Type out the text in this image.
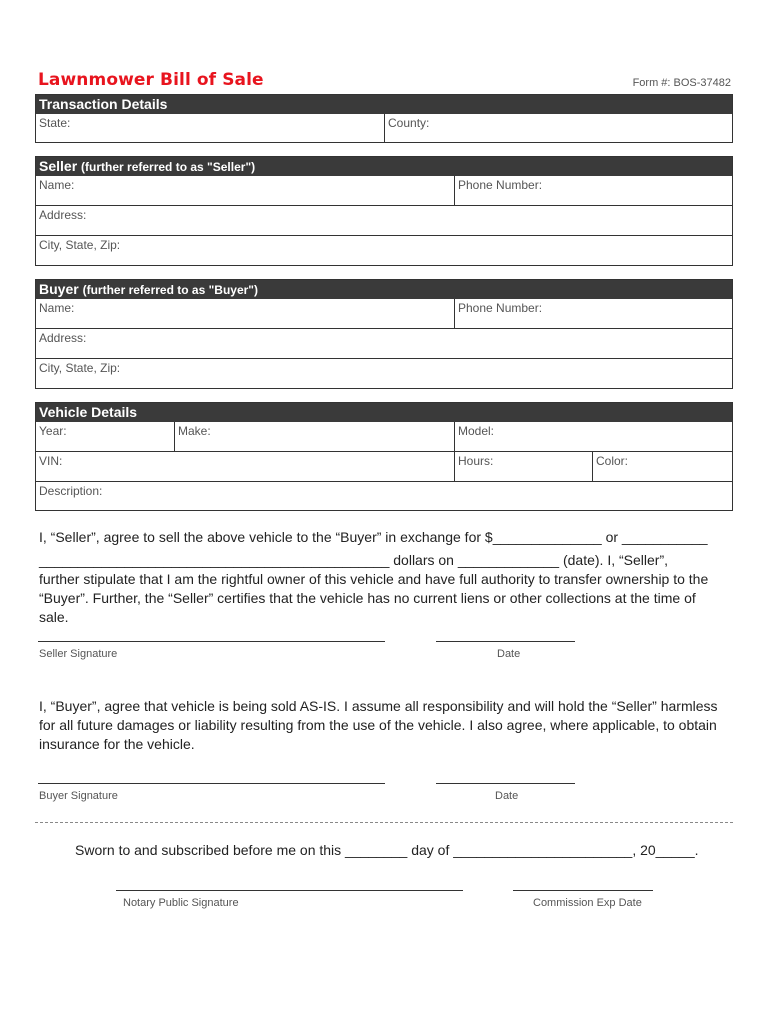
Lawnmower Bill of Sale	Form #: BOS-37482
Transaction Details
State:	County:
Seller (further referred to as "Seller")
Name:	Phone Number:
Address:
City, State, Zip:
Buyer (further referred to as "Buyer")
Name:	Phone Number:
Address:
City, State, Zip:
Vehicle Details
Year:	Make:	Model:
VIN:	Hours:	Color:
Description:
I, “Seller”, agree to sell the above vehicle to the “Buyer” in exchange for $______________ or ___________
_____________________________________________ dollars on _____________ (date). I, “Seller”,
further stipulate that I am the rightful owner of this vehicle and have full authority to transfer ownership to the
“Buyer”. Further, the “Seller” certifies that the vehicle has no current liens or other collections at the time of sale.
Seller Signature	Date
I, “Buyer”, agree that vehicle is being sold AS-IS. I assume all responsibility and will hold the “Seller” harmless
for all future damages or liability resulting from the use of the vehicle. I also agree, where applicable, to obtain
insurance for the vehicle.
Buyer Signature	Date
Sworn to and subscribed before me on this ________ day of _______________________, 20_____.
Notary Public Signature	Commission Exp Date
